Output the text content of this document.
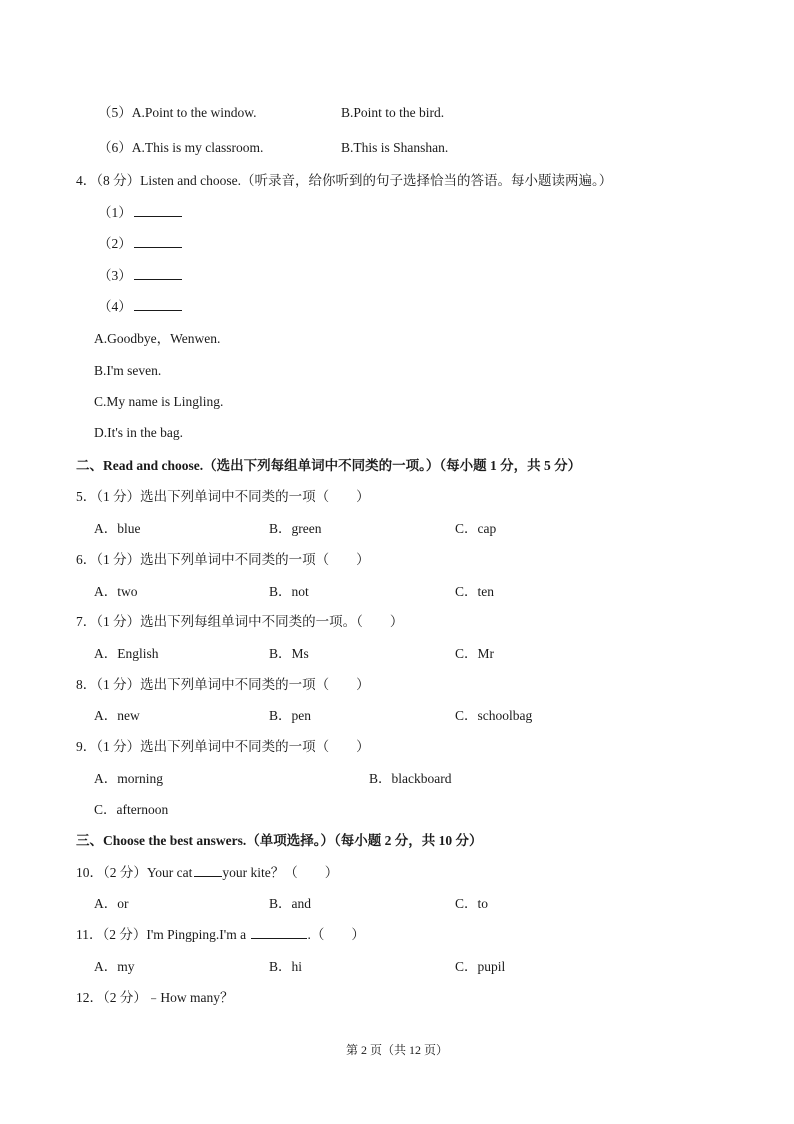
（5）A.Point to the window.	B.Point to the bird.
（6）A.This is my classroom.	B.This is Shanshan.
4．（8 分）Listen and choose.（听录音，给你听到的句子选择恰当的答语。每小题读两遍。）
（1）
（2）
（3）
（4）
A.Goodbye，Wenwen.
B.I'm seven.
C.My name is Lingling.
D.It's in the bag.
二、Read and choose.（选出下列每组单词中不同类的一项。）（每小题 1 分，共 5 分）
5．（1 分）选出下列单词中不同类的一项（　　）
A．blue	B．green	C．cap
6．（1 分）选出下列单词中不同类的一项（　　）
A．two	B．not	C．ten
7．（1 分）选出下列每组单词中不同类的一项。（　　）
A．English	B．Ms	C．Mr
8．（1 分）选出下列单词中不同类的一项（　　）
A．new	B．pen	C．schoolbag
9．（1 分）选出下列单词中不同类的一项（　　）
A．morning	B．blackboard
C．afternoon
三、Choose the best answers.（单项选择。）（每小题 2 分，共 10 分）
10．（2 分）Your cat your kite？（　　）
A．or	B．and	C．to
11．（2 分）I'm Pingping.I'm a	.（　　）
A．my	B．hi	C．pupil
12．（2 分）﹣How many？
第 2 页（共 12 页）
